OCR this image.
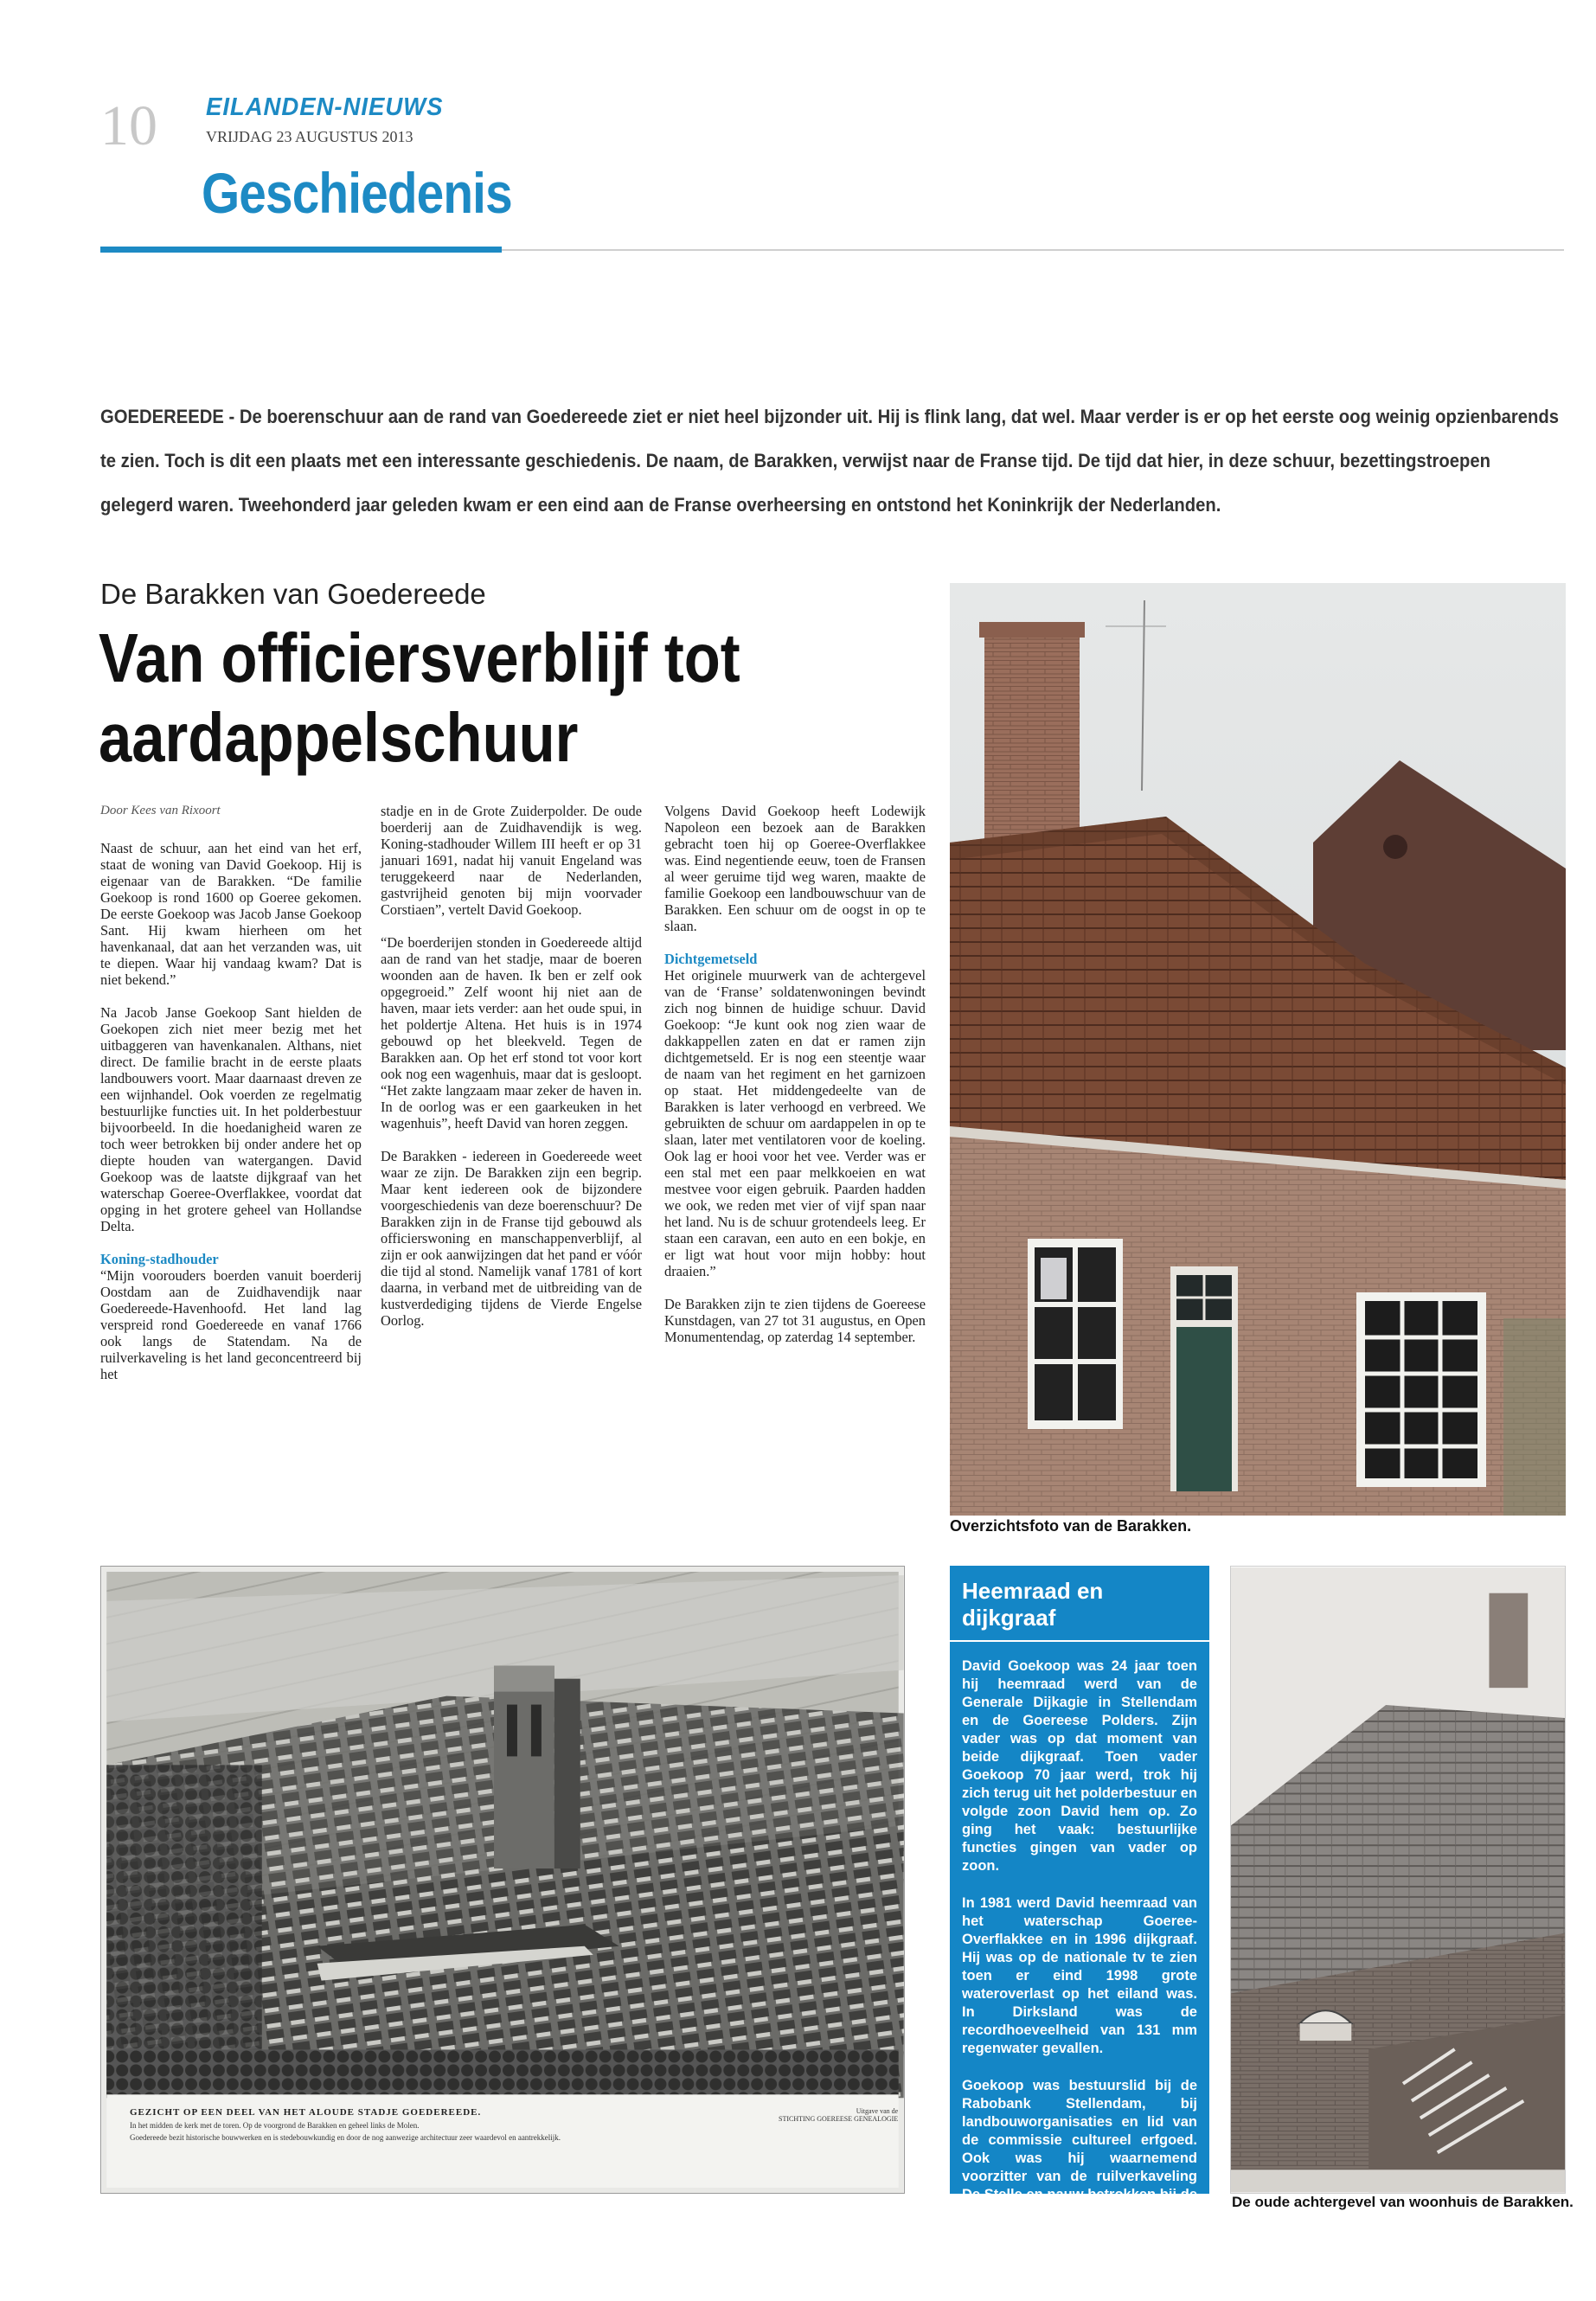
10 EILANDEN-NIEUWS
VRIJDAG 23 AUGUSTUS 2013
Geschiedenis
GOEDEREEDE - De boerenschuur aan de rand van Goedereede ziet er niet heel bijzonder uit. Hij is flink lang, dat wel. Maar verder is er op het eerste oog weinig opzienbarends
te zien. Toch is dit een plaats met een interessante geschiedenis. De naam, de Barakken, verwijst naar de Franse tijd. De tijd dat hier, in deze schuur, bezettingstroepen
gelegerd waren. Tweehonderd jaar geleden kwam er een eind aan de Franse overheersing en ontstond het Koninkrijk der Nederlanden.
De Barakken van Goedereede
Van officiersverblijf tot
aardappelschuur

Door Kees van Rixoort

Naast de schuur, aan het eind van het erf, staat de woning van David Goekoop. Hij is eigenaar van de Barakken. “De familie Goekoop is rond 1600 op Goeree gekomen. De eerste Goekoop was Jacob Janse Goekoop Sant. Hij kwam hierheen om het havenkanaal, dat aan het verzanden was, uit te diepen. Waar hij vandaag kwam? Dat is niet bekend.”

Na Jacob Janse Goekoop Sant hielden de Goekopen zich niet meer bezig met het uitbaggeren van havenkanalen. Althans, niet direct. De familie bracht in de eerste plaats landbouwers voort. Maar daarnaast dreven ze een wijnhandel. Ook voerden ze regelmatig bestuurlijke functies uit. In het polderbestuur bijvoorbeeld. In die hoedanigheid waren ze toch weer betrokken bij onder andere het op diepte houden van watergangen. David Goekoop was de laatste dijkgraaf van het waterschap Goeree-Overflakkee, voordat dat opging in het grotere geheel van Hollandse Delta.

Koning-stadhouder

“Mijn voorouders boerden vanuit boerderij Oostdam aan de Zuidhavendijk naar Goedereede-Havenhoofd. Het land lag verspreid rond Goedereede en vanaf 1766 ook langs de Statendam. Na de ruilverkaveling is het land geconcentreerd bij het

stadje en in de Grote Zuiderpolder. De oude boerderij aan de Zuidhavendijk is weg. Koning-stadhouder Willem III heeft er op 31 januari 1691, nadat hij vanuit Engeland was teruggekeerd naar de Nederlanden, gastvrijheid genoten bij mijn voorvader Corstiaen”, vertelt David Goekoop.

“De boerderijen stonden in Goedereede altijd aan de rand van het stadje, maar de boeren woonden aan de haven. Ik ben er zelf ook opgegroeid.” Zelf woont hij niet aan de haven, maar iets verder: aan het oude spui, in het poldertje Altena. Het huis is in 1974 gebouwd op het bleekveld. Tegen de Barakken aan. Op het erf stond tot voor kort ook nog een wagenhuis, maar dat is gesloopt. “Het zakte langzaam maar zeker de haven in. In de oorlog was er een gaarkeuken in het wagenhuis”, heeft David van horen zeggen.

De Barakken - iedereen in Goedereede weet waar ze zijn. De Barakken zijn een begrip. Maar kent iedereen ook de bijzondere voorgeschiedenis van deze boerenschuur? De Barakken zijn in de Franse tijd gebouwd als officierswoning en manschappenverblijf, al zijn er ook aanwijzingen dat het pand er vóór die tijd al stond. Namelijk vanaf 1781 of kort daarna, in verband met de uitbreiding van de kustverdediging tijdens de Vierde Engelse Oorlog.

Volgens David Goekoop heeft Lodewijk Napoleon een bezoek aan de Barakken gebracht toen hij op Goeree-Overflakkee was. Eind negentiende eeuw, toen de Fransen al weer geruime tijd weg waren, maakte de familie Goekoop een landbouwschuur van de Barakken. Een schuur om de oogst in op te slaan.

Dichtgemetseld

Het originele muurwerk van de achtergevel van de ‘Franse’ soldatenwoningen bevindt zich nog binnen de huidige schuur. David Goekoop: “Je kunt ook nog zien waar de dakkappellen zaten en dat er ramen zijn dichtgemetseld. Er is nog een steentje waar de naam van het regiment en het garnizoen op staat. Het middengedeelte van de Barakken is later verhoogd en verbreed. We gebruikten de schuur om aardappelen in op te slaan, later met ventilatoren voor de koeling. Ook lag er hooi voor het vee. Verder was er een stal met een paar melkkoeien en wat mestvee voor eigen gebruik. Paarden hadden we ook, we reden met vier of vijf span naar het land. Nu is de schuur grotendeels leeg. Er staan een caravan, een auto en een bokje, en er ligt wat hout voor mijn hobby: hout draaien.”

De Barakken zijn te zien tijdens de Goereese Kunstdagen, van 27 tot 31 augustus, en Open Monumentendag, op zaterdag 14 september.

Overzichtsfoto van de Barakken.
GEZICHT OP EEN DEEL VAN HET ALOUDE STADJE GOEDEREEDE.
In het midden de kerk met de toren. Op de voorgrond de Barakken en geheel links de Molen.
Goedereede bezit historische bouwwerken en is stedebouwkundig en door de nog aanwezige architectuur zeer waardevol en aantrekkelijk.
Uitgave van de
STICHTING GOEREESE GENEALOGIE
Heemraad en dijkgraaf

David Goekoop was 24 jaar toen hij heemraad werd van de Generale Dijkagie in Stellendam en de Goereese Polders. Zijn vader was op dat moment van beide dijkgraaf. Toen vader Goekoop 70 jaar werd, trok hij zich terug uit het polderbestuur en volgde zoon David hem op. Zo ging het vaak: bestuurlijke functies gingen van vader op zoon.

In 1981 werd David heemraad van het waterschap Goeree-Overflakkee en in 1996 dijkgraaf. Hij was op de nationale tv te zien toen er eind 1998 grote wateroverlast op het eiland was. In Dirksland was de recordhoeveelheid van 131 mm regenwater gevallen.

Goekoop was bestuurslid bij de Rabobank Stellendam, bij landbouworganisaties en lid van de commissie cultureel erfgoed. Ook was hij waarnemend voorzitter van de ruilverkaveling De Stelle en nauw betrokken bij de ruilverkaveling Ouddorp.

De oude achtergevel van woonhuis de Barakken.
